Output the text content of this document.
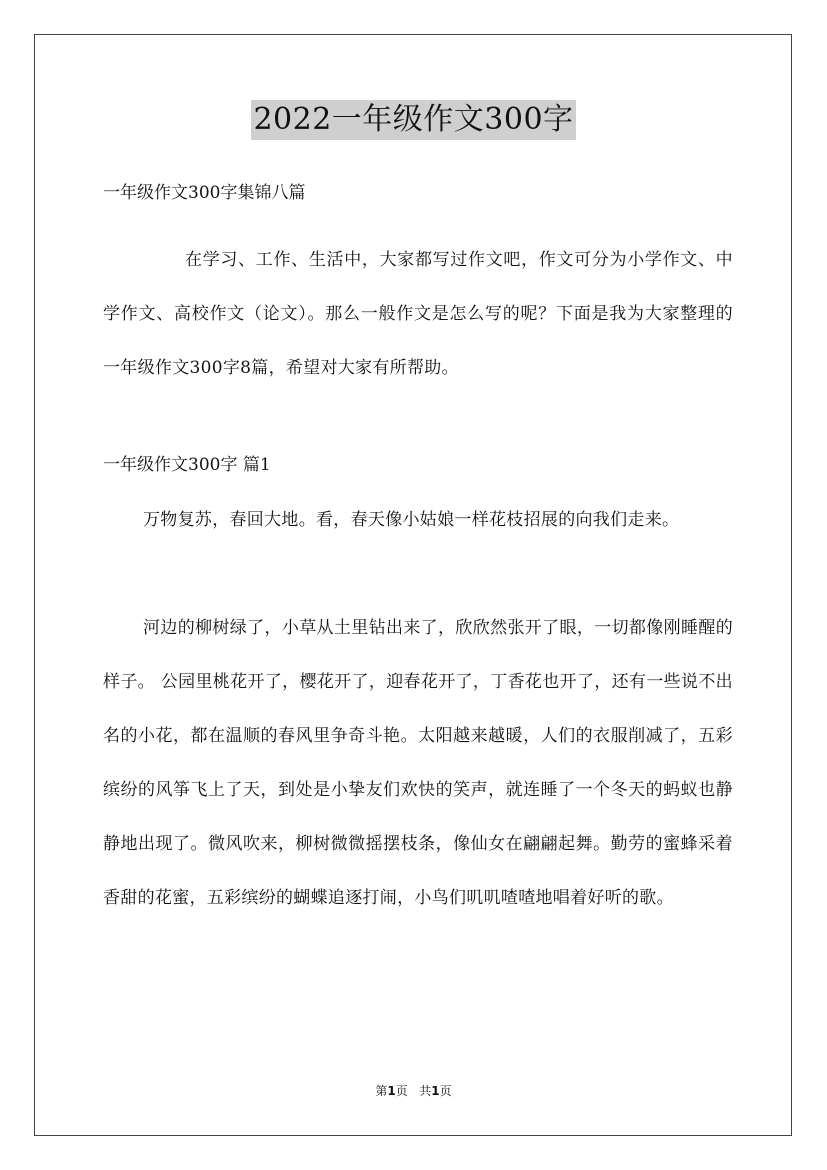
2022一年级作文300字

一年级作文300字集锦八篇

在学习、工作、生活中，大家都写过作文吧，作文可分为小学作文、中学作文、高校作文（论文）。那么一般作文是怎么写的呢？下面是我为大家整理的一年级作文300字8篇，希望对大家有所帮助。

一年级作文300字 篇1

万物复苏，春回大地。看，春天像小姑娘一样花枝招展的向我们走来。

河边的柳树绿了，小草从土里钻出来了，欣欣然张开了眼，一切都像刚睡醒的样子。 公园里桃花开了，樱花开了，迎春花开了，丁香花也开了，还有一些说不出名的小花，都在温顺的春风里争奇斗艳。太阳越来越暖，人们的衣服削减了，五彩缤纷的风筝飞上了天，到处是小挚友们欢快的笑声，就连睡了一个冬天的蚂蚁也静静地出现了。微风吹来，柳树微微摇摆枝条，像仙女在翩翩起舞。勤劳的蜜蜂采着香甜的花蜜，五彩缤纷的蝴蝶追逐打闹，小鸟们叽叽喳喳地唱着好听的歌。

第1页 共1页
